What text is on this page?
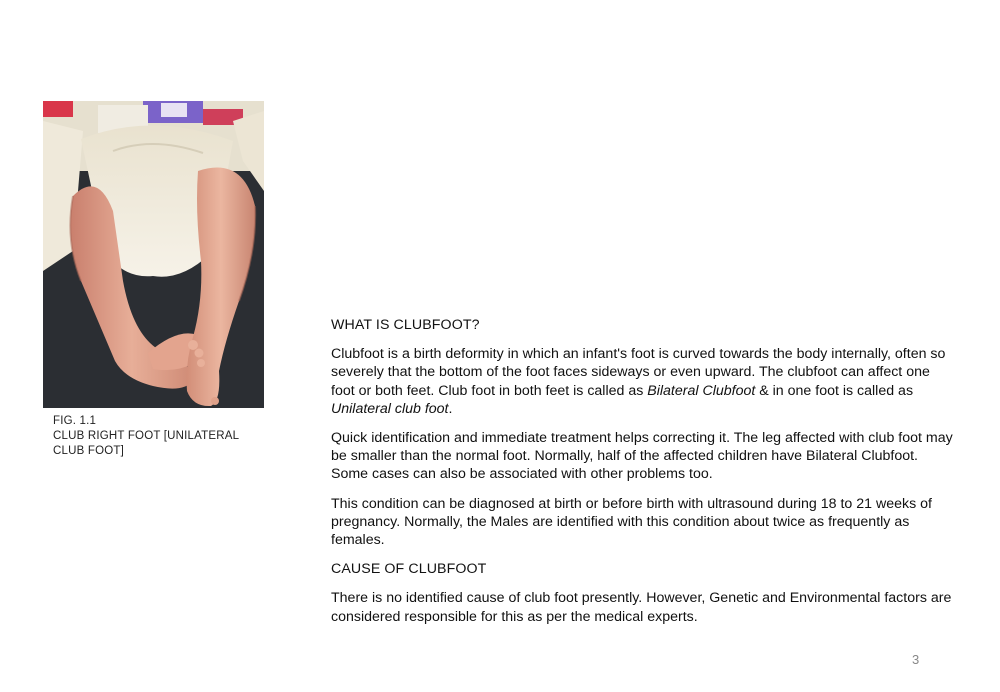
FIG. 1.1
CLUB RIGHT FOOT [UNILATERAL CLUB FOOT]
WHAT IS CLUBFOOT?

Clubfoot is a birth deformity in which an infant's foot is curved towards the body internally, often so severely that the bottom of the foot faces sideways or even upward. The clubfoot can affect one foot or both feet. Club foot in both feet is called as Bilateral Clubfoot & in one foot is called as Unilateral club foot.

Quick identification and immediate treatment helps correcting it. The leg affected with club foot may be smaller than the normal foot. Normally, half of the affected children have Bilateral Clubfoot. Some cases can also be associated with other problems too.

This condition can be diagnosed at birth or before birth with ultrasound during 18 to 21 weeks of pregnancy. Normally, the Males are identified with this condition about twice as frequently as females.

CAUSE OF CLUBFOOT

There is no identified cause of club foot presently. However, Genetic and Environmental factors are considered responsible for this as per the medical experts.

3
